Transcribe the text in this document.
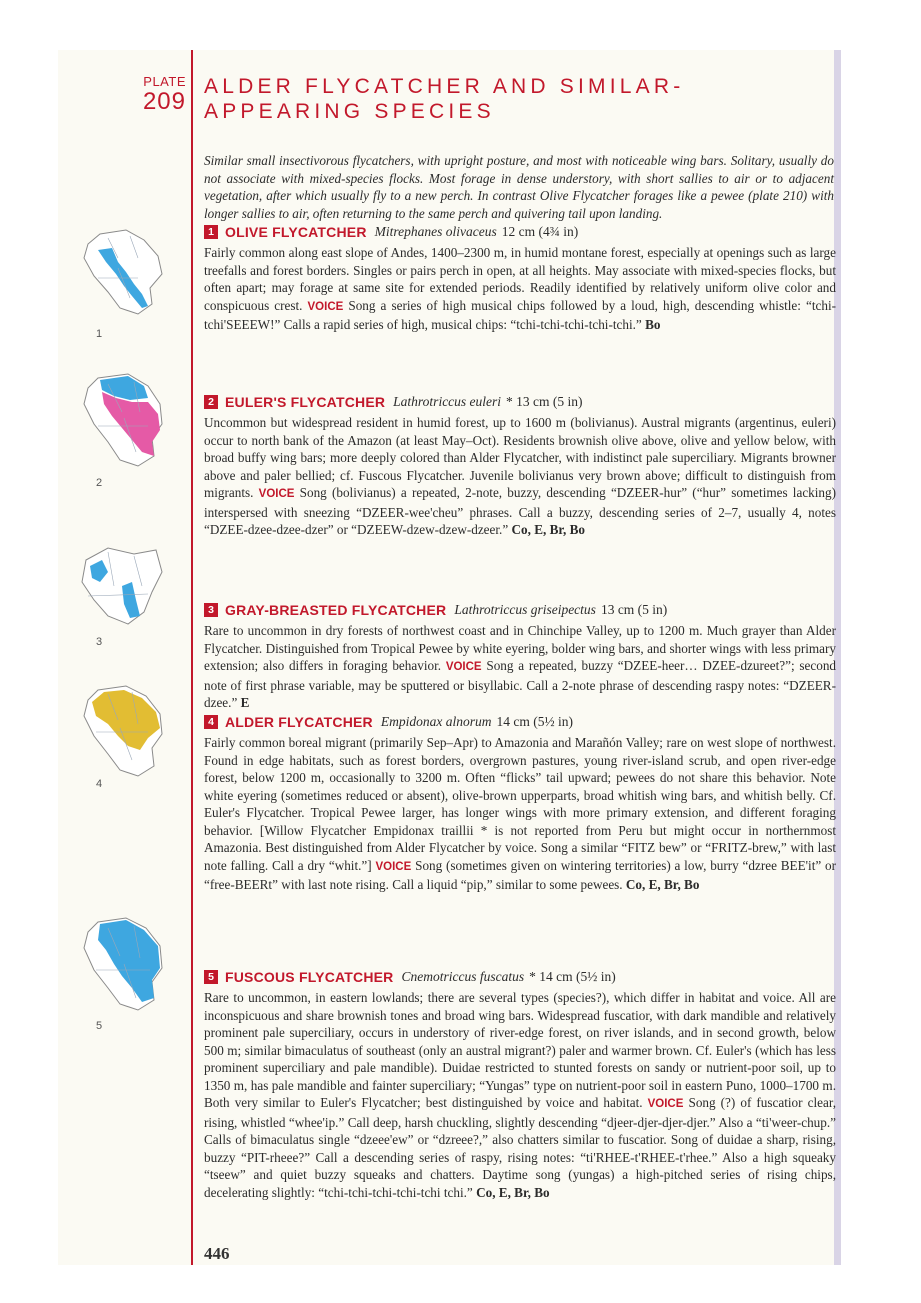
PLATE
209
ALDER FLYCATCHER AND SIMILAR-
APPEARING SPECIES
Similar small insectivorous flycatchers, with upright posture, and most with noticeable wing bars. Solitary, usually do not associate with mixed-species flocks. Most forage in dense understory, with short sallies to air or to adjacent vegetation, after which usually fly to a new perch. In contrast Olive Flycatcher forages like a pewee (plate 210) with longer sallies to air, often returning to the same perch and quivering tail upon landing.
1 OLIVE FLYCATCHER Mitrephanes olivaceus 12 cm (4¾ in)
Fairly common along east slope of Andes, 1400–2300 m, in humid montane forest, especially at openings such as large treefalls and forest borders. Singles or pairs perch in open, at all heights. May associate with mixed-species flocks, but often apart; may forage at same site for extended periods. Readily identified by relatively uniform olive color and conspicuous crest. VOICE Song a series of high musical chips followed by a loud, high, descending whistle: “tchi-tchi'SEEEW!” Calls a rapid series of high, musical chips: “tchi-tchi-tchi-tchi-tchi.” Bo
2 EULER'S FLYCATCHER Lathrotriccus euleri * 13 cm (5 in)
Uncommon but widespread resident in humid forest, up to 1600 m (bolivianus). Austral migrants (argentinus, euleri) occur to north bank of the Amazon (at least May–Oct). Residents brownish olive above, olive and yellow below, with broad buffy wing bars; more deeply colored than Alder Flycatcher, with indistinct pale superciliary. Migrants browner above and paler bellied; cf. Fuscous Flycatcher. Juvenile bolivianus very brown above; difficult to distinguish from migrants. VOICE Song (bolivianus) a repeated, 2-note, buzzy, descending “DZEER-hur” (“hur” sometimes lacking) interspersed with sneezing “DZEER-wee'cheu” phrases. Call a buzzy, descending series of 2–7, usually 4, notes “DZEE-dzee-dzee-dzer” or “DZEEW-dzew-dzew-dzeer.” Co, E, Br, Bo
3 GRAY-BREASTED FLYCATCHER Lathrotriccus griseipectus 13 cm (5 in)
Rare to uncommon in dry forests of northwest coast and in Chinchipe Valley, up to 1200 m. Much grayer than Alder Flycatcher. Distinguished from Tropical Pewee by white eyering, bolder wing bars, and shorter wings with less primary extension; also differs in foraging behavior. VOICE Song a repeated, buzzy “DZEE-heer… DZEE-dzureet?”; second note of first phrase variable, may be sputtered or bisyllabic. Call a 2-note phrase of descending raspy notes: “DZEER-dzee.” E
4 ALDER FLYCATCHER Empidonax alnorum 14 cm (5½ in)
Fairly common boreal migrant (primarily Sep–Apr) to Amazonia and Marañón Valley; rare on west slope of northwest. Found in edge habitats, such as forest borders, overgrown pastures, young river-island scrub, and open river-edge forest, below 1200 m, occasionally to 3200 m. Often “flicks” tail upward; pewees do not share this behavior. Note white eyering (sometimes reduced or absent), olive-brown upperparts, broad whitish wing bars, and whitish belly. Cf. Euler's Flycatcher. Tropical Pewee larger, has longer wings with more primary extension, and different foraging behavior. [Willow Flycatcher Empidonax traillii * is not reported from Peru but might occur in northernmost Amazonia. Best distinguished from Alder Flycatcher by voice. Song a similar “FITZ bew” or “FRITZ-brew,” with last note falling. Call a dry “whit.”] VOICE Song (sometimes given on wintering territories) a low, burry “dzree BEE'it” or “free-BEERt” with last note rising. Call a liquid “pip,” similar to some pewees. Co, E, Br, Bo
5 FUSCOUS FLYCATCHER Cnemotriccus fuscatus * 14 cm (5½ in)
Rare to uncommon, in eastern lowlands; there are several types (species?), which differ in habitat and voice. All are inconspicuous and share brownish tones and broad wing bars. Widespread fuscatior, with dark mandible and relatively prominent pale superciliary, occurs in understory of river-edge forest, on river islands, and in second growth, below 500 m; similar bimaculatus of southeast (only an austral migrant?) paler and warmer brown. Cf. Euler's (which has less prominent superciliary and pale mandible). Duidae restricted to stunted forests on sandy or nutrient-poor soil, up to 1350 m, has pale mandible and fainter superciliary; “Yungas” type on nutrient-poor soil in eastern Puno, 1000–1700 m. Both very similar to Euler's Flycatcher; best distinguished by voice and habitat. VOICE Song (?) of fuscatior clear, rising, whistled “whee'ip.” Call deep, harsh chuckling, slightly descending “djeer-djer-djer-djer.” Also a “ti'weer-chup.” Calls of bimaculatus single “dzeee'ew” or “dzreee?,” also chatters similar to fuscatior. Song of duidae a sharp, rising, buzzy “PIT-rheee?” Call a descending series of raspy, rising notes: “ti'RHEE-t'RHEE-t'rhee.” Also a high squeaky “tseew” and quiet buzzy squeaks and chatters. Daytime song (yungas) a high-pitched series of rising chips, decelerating slightly: “tchi-tchi-tchi-tchi-tchi tchi.” Co, E, Br, Bo
1
2
3
4
5
446
